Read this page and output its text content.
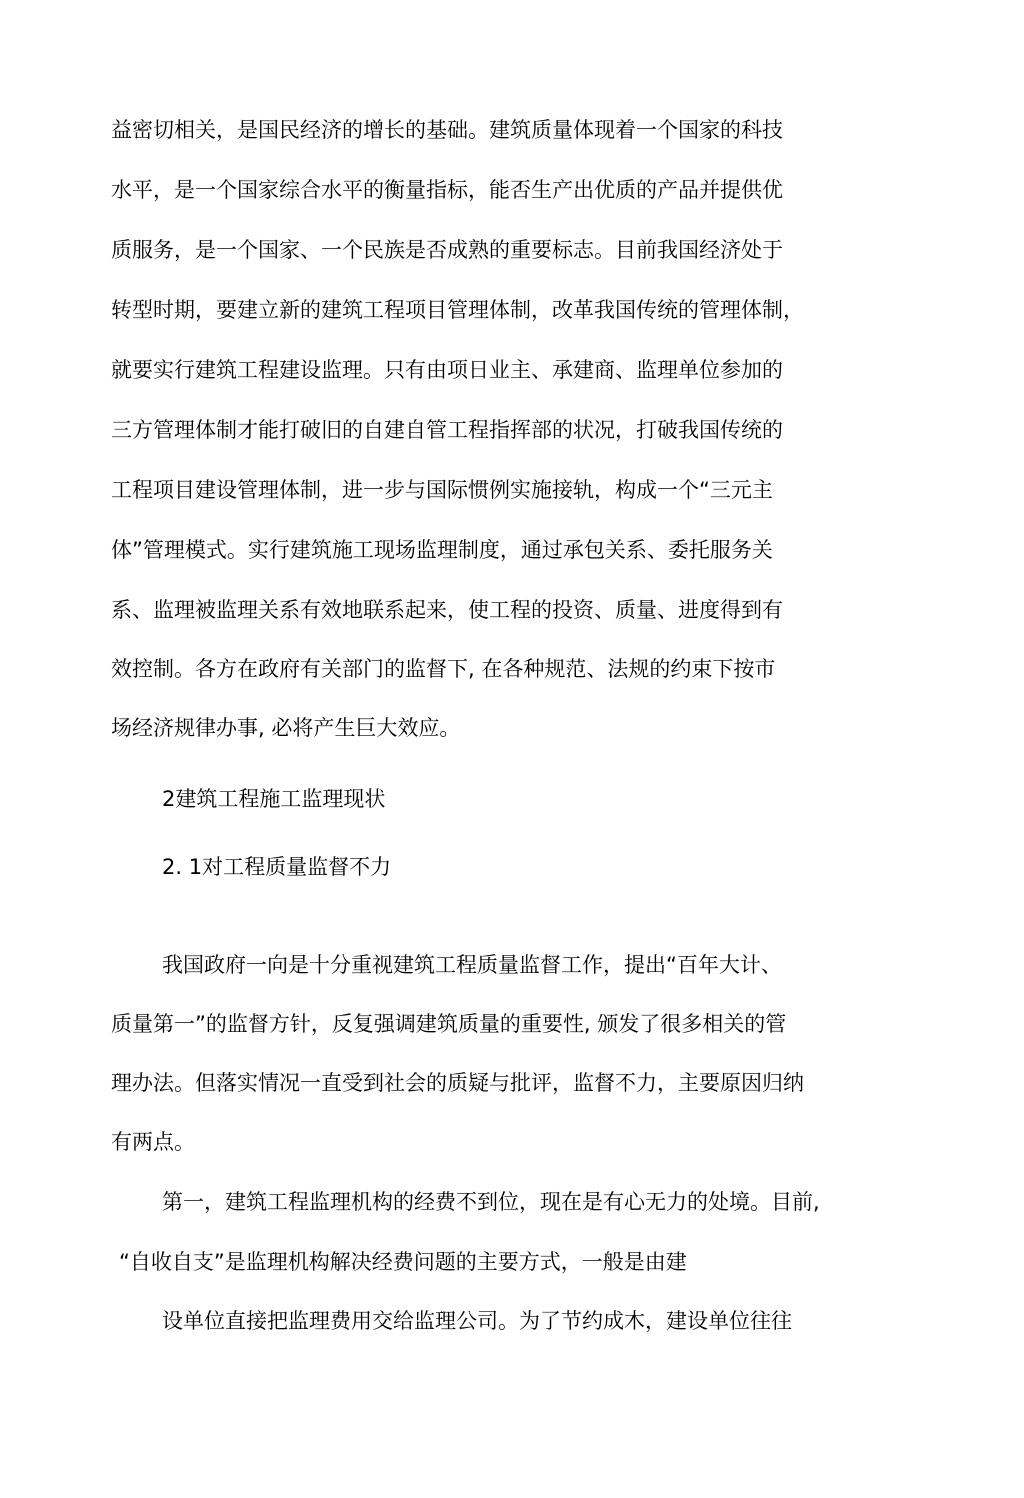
益密切相关，是国民经济的增长的基础。建筑质量体现着一个国家的科技
水平，是一个国家综合水平的衡量指标，能否生产出优质的产品并提供优
质服务，是一个国家、一个民族是否成熟的重要标志。目前我国经济处于
转型时期，要建立新的建筑工程项目管理体制，改革我国传统的管理体制，
就要实行建筑工程建设监理。只有由项日业主、承建商、监理单位参加的
三方管理体制才能打破旧的自建自管工程指挥部的状况，打破我国传统的
工程项目建设管理体制，进一步与国际惯例实施接轨，构成一个“三元主
体”管理模式。实行建筑施工现场监理制度，通过承包关系、委托服务关
系、监理被监理关系有效地联系起来，使工程的投资、质量、进度得到有
效控制。各方在政府有关部门的监督下, 在各种规范、法规的约束下按市
场经济规律办事, 必将产生巨大效应。
2建筑工程施工监理现状
2. 1对工程质量监督不力
我国政府一向是十分重视建筑工程质量监督工作，提出“百年大计、
质量第一”的监督方针，反复强调建筑质量的重要性, 颁发了很多相关的管
理办法。但落实情况一直受到社会的质疑与批评，监督不力，主要原因归纳
有两点。
第一，建筑工程监理机构的经费不到位，现在是有心无力的处境。目前,
“自收自支”是监理机构解决经费问题的主要方式，一般是由建
设单位直接把监理费用交给监理公司。为了节约成木，建设单位往往
